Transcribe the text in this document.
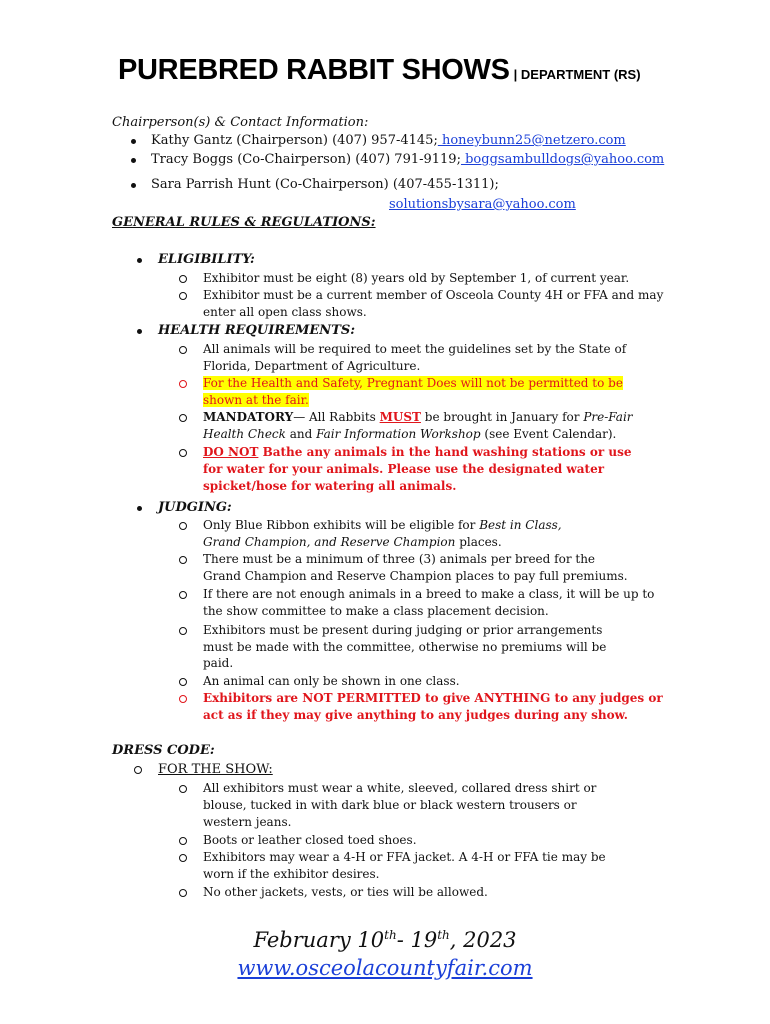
PUREBRED RABBIT SHOWS | DEPARTMENT (RS)
Chairperson(s) & Contact Information:
Kathy Gantz (Chairperson) (407) 957-4145; honeybunn25@netzero.com
Tracy Boggs (Co-Chairperson) (407) 791-9119; boggsambulldogs@yahoo.com
Sara Parrish Hunt (Co-Chairperson) (407-455-1311);
solutionsbysara@yahoo.com
GENERAL RULES & REGULATIONS:
ELIGIBILITY:
Exhibitor must be eight (8) years old by September 1, of current year.
Exhibitor must be a current member of Osceola County 4H or FFA and may
enter all open class shows.
HEALTH REQUIREMENTS:
All animals will be required to meet the guidelines set by the State of
Florida, Department of Agriculture.
For the Health and Safety, Pregnant Does will not be permitted to be
shown at the fair.
MANDATORY— All Rabbits MUST be brought in January for Pre-Fair
Health Check and Fair Information Workshop (see Event Calendar).
DO NOT Bathe any animals in the hand washing stations or use
for water for your animals. Please use the designated water
spicket/hose for watering all animals.
JUDGING:
Only Blue Ribbon exhibits will be eligible for Best in Class,
Grand Champion, and Reserve Champion places.
There must be a minimum of three (3) animals per breed for the
Grand Champion and Reserve Champion places to pay full premiums.
If there are not enough animals in a breed to make a class, it will be up to
the show committee to make a class placement decision.
Exhibitors must be present during judging or prior arrangements
must be made with the committee, otherwise no premiums will be
paid.
An animal can only be shown in one class.
Exhibitors are NOT PERMITTED to give ANYTHING to any judges or
act as if they may give anything to any judges during any show.
DRESS CODE:
FOR THE SHOW:
All exhibitors must wear a white, sleeved, collared dress shirt or
blouse, tucked in with dark blue or black western trousers or
western jeans.
Boots or leather closed toed shoes.
Exhibitors may wear a 4-H or FFA jacket. A 4-H or FFA tie may be
worn if the exhibitor desires.
No other jackets, vests, or ties will be allowed.
February 10th- 19th, 2023
www.osceolacountyfair.com
